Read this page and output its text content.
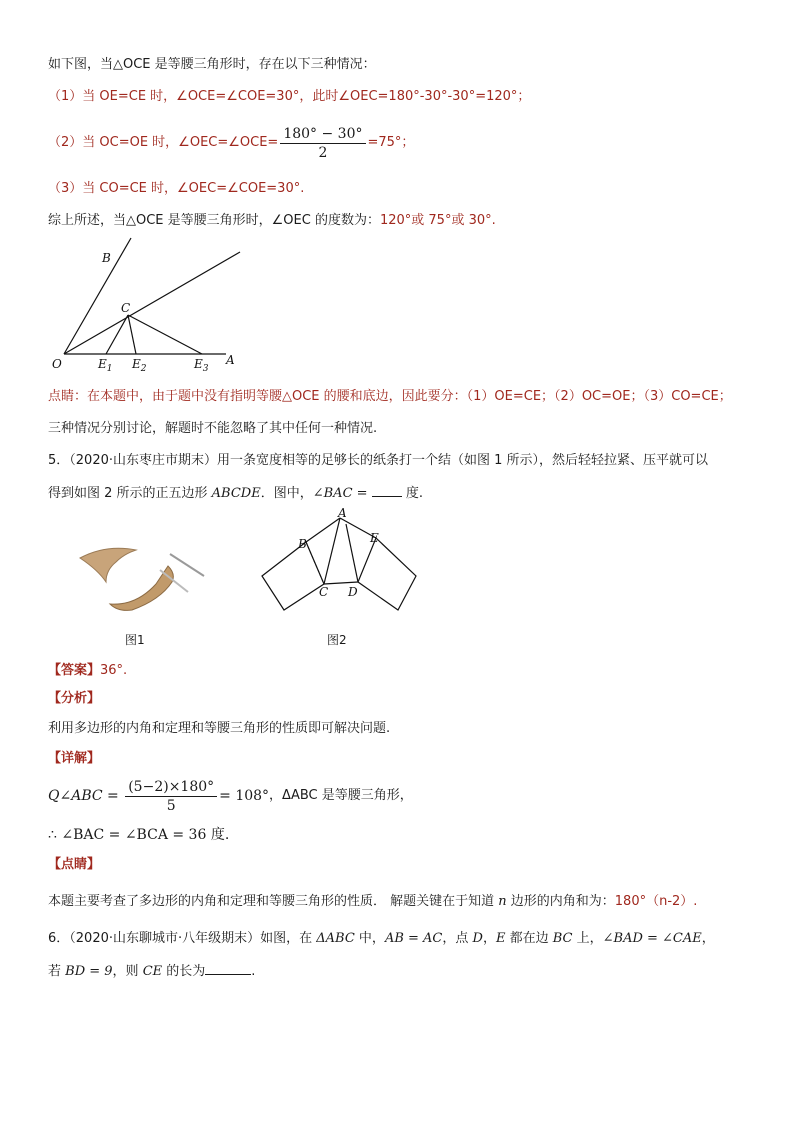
如下图，当△OCE 是等腰三角形时，存在以下三种情况：
（1）当 OE=CE 时，∠OCE=∠COE=30°，此时∠OEC=180°-30°-30°=120°；
（2）当 OC=OE 时，∠OEC=∠OCE= $\frac{180^\circ - 30^\circ}{2} =75^\circ$；
（3）当 CO=CE 时，∠OEC=∠COE=30°.
综上所述，当△OCE 是等腰三角形时，∠OEC 的度数为：120°或 75°或 30°.
B
C
O	$E_1$ $E_2$	$E_3$
A
点睛：在本题中，由于题中没有指明等腰△OCE 的腰和底边，因此要分：（1）OE=CE；（2）OC=OE；（3）CO=CE；
三种情况分别讨论，解题时不能忽略了其中任何一种情况.
5．（2020·山东枣庄市期末）用一条宽度相等的足够长的纸条打一个结（如图 1 所示），然后轻轻拉紧、压平就可以
得到如图 2 所示的正五边形 ABCDE．图中，∠BAC =  度.
图1
A
B
C D
E
图2
【答案】36°.
【分析】
利用多边形的内角和定理和等腰三角形的性质即可解决问题.
【详解】
Q∠ABC = $\frac{(5-2)\times 180^\circ}{5} = 108^\circ$ ，ΔABC 是等腰三角形，
∴ ∠BAC = ∠BCA = 36 度.
【点睛】
本题主要考查了多边形的内角和定理和等腰三角形的性质． 解题关键在于知道 n 边形的内角和为：180°（n-2）.
6．（2020·山东聊城市·八年级期末）如图，在 ΔABC 中，AB = AC，点 D，E 都在边 BC 上，∠BAD = ∠CAE，
若 BD = 9，则 CE 的长为	.
